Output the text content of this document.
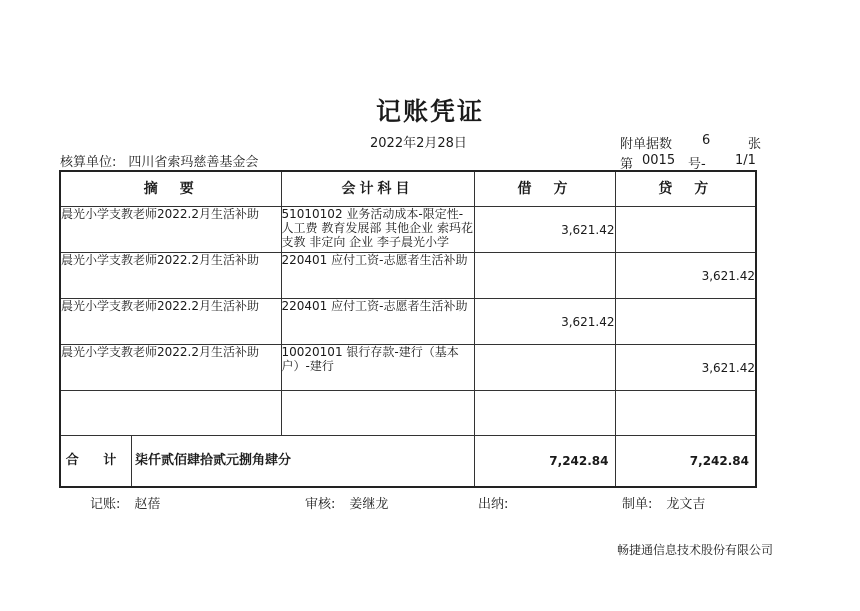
记账凭证
2022年2月28日
核算单位: 四川省索玛慈善基金会
附单据数 6	张
第 0015 号- 1/1
摘　要	会计科目	借　方	贷　方
晨光小学支教老师2022.2月生活补助	51010102 业务活动成本-限定性-人工费 教育发展部 其他企业 索玛花支教 非定向 企业 李子晨光小学	3,621.42	
晨光小学支教老师2022.2月生活补助	220401 应付工资-志愿者生活补助		3,621.42
晨光小学支教老师2022.2月生活补助	220401 应付工资-志愿者生活补助	3,621.42	
晨光小学支教老师2022.2月生活补助	10020101 银行存款-建行（基本户）-建行		3,621.42

合 计 柒仟贰佰肆拾贰元捌角肆分		7,242.84	7,242.84
记账: 赵蓓	审核: 姜继龙	出纳:	制单: 龙文吉
畅捷通信息技术股份有限公司
